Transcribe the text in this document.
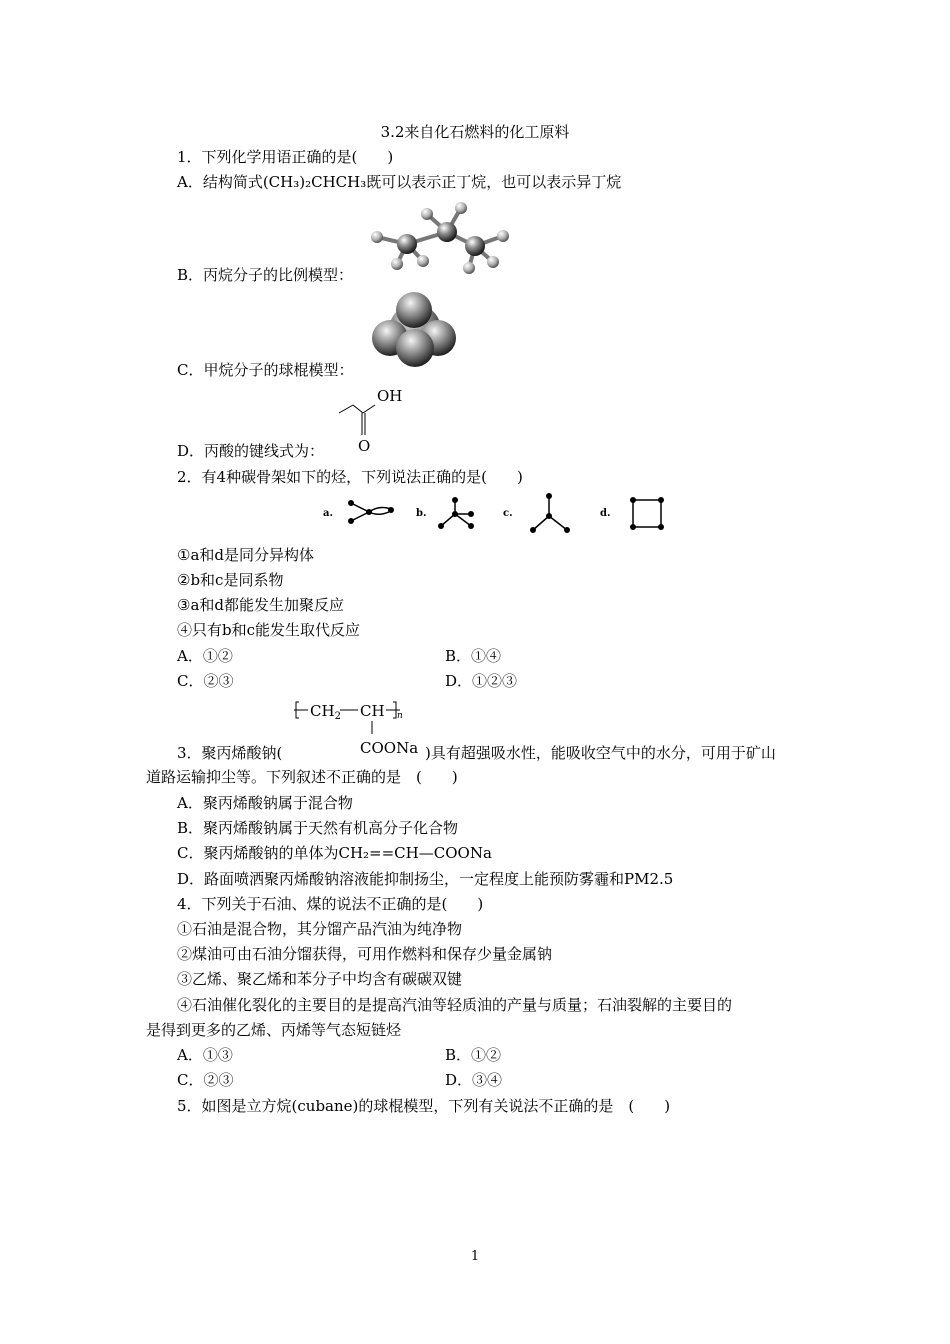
3.2来自化石燃料的化工原料
1．下列化学用语正确的是(　　)
A．结构简式(CH₃)₂CHCH₃既可以表示正丁烷，也可以表示异丁烷
B．丙烷分子的比例模型：
C．甲烷分子的球棍模型：
OH
O
D．丙酸的键线式为：
2．有4种碳骨架如下的烃，下列说法正确的是(　　)
a.	b.	c.	d.
①a和d是同分异构体
②b和c是同系物
③a和d都能发生加聚反应
④只有b和c能发生取代反应
A．①②	B．①④
C．②③	D．①②③
$CH_2$ CH n
COONa
3．聚丙烯酸钠(	)具有超强吸水性，能吸收空气中的水分，可用于矿山
道路运输抑尘等。下列叙述不正确的是　(　　)
A．聚丙烯酸钠属于混合物
B．聚丙烯酸钠属于天然有机高分子化合物
C．聚丙烯酸钠的单体为CH₂==CH—COONa
D．路面喷洒聚丙烯酸钠溶液能抑制扬尘，一定程度上能预防雾霾和PM2.5
4．下列关于石油、煤的说法不正确的是(　　)
①石油是混合物，其分馏产品汽油为纯净物
②煤油可由石油分馏获得，可用作燃料和保存少量金属钠
③乙烯、聚乙烯和苯分子中均含有碳碳双键
④石油催化裂化的主要目的是提高汽油等轻质油的产量与质量；石油裂解的主要目的
是得到更多的乙烯、丙烯等气态短链烃
A．①③	B．①②
C．②③	D．③④
5．如图是立方烷(cubane)的球棍模型，下列有关说法不正确的是　(　　)
1
